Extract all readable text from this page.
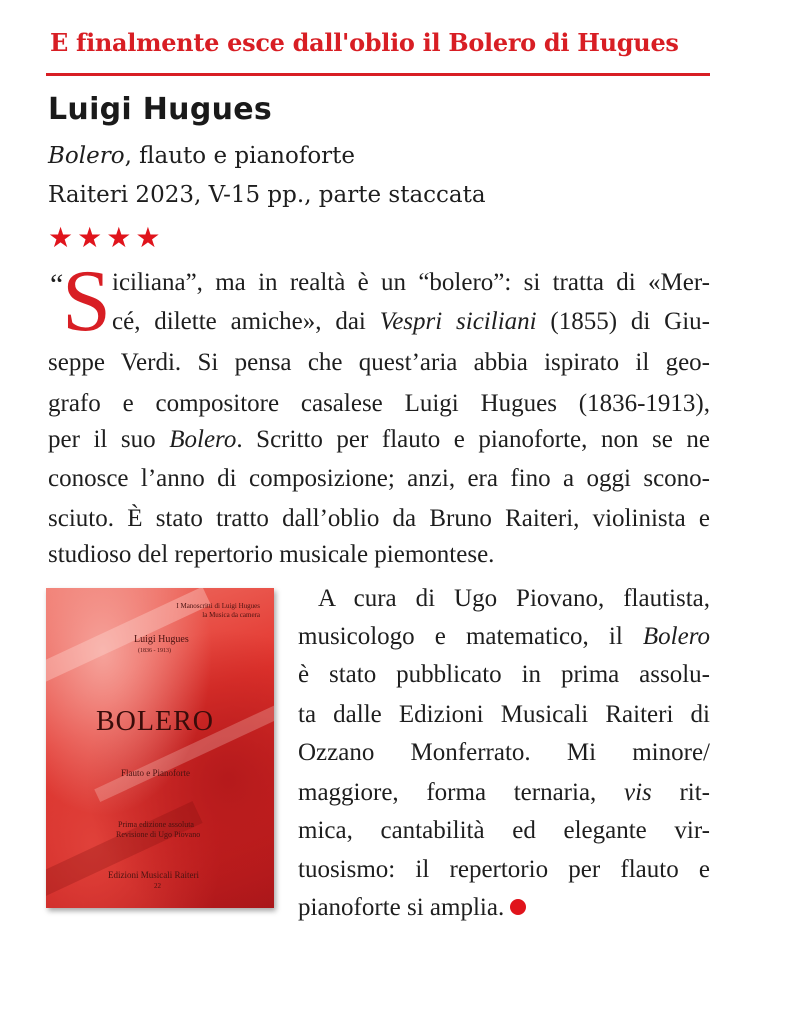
E finalmente esce dall'oblio il Bolero di Hugues
Luigi Hugues
Bolero, flauto e pianoforte
Raiteri 2023, V-15 pp., parte staccata
★ ★ ★ ★
“
S iciliana”, ma in realtà è un “bolero”: si tratta di «Mer-
cé, dilette amiche», dai Vespri siciliani (1855) di Giu-
seppe Verdi. Si pensa che quest’aria abbia ispirato il geo-
grafo e compositore casalese Luigi Hugues (1836-1913),
per il suo Bolero. Scritto per flauto e pianoforte, non se ne
conosce l’anno di composizione; anzi, era fino a oggi scono-
sciuto. È stato tratto dall’oblio da Bruno Raiteri, violinista e
studioso del repertorio musicale piemontese.
I Manoscritti di Luigi Hugues
la Musica da camera
Luigi Hugues
(1836 - 1913)
BOLERO
Flauto e Pianoforte
Prima edizione assoluta
Revisione di Ugo Piovano
Edizioni Musicali Raiteri
22
A cura di Ugo Piovano, flautista,
musicologo e matematico, il Bolero
è stato pubblicato in prima assolu-
ta dalle Edizioni Musicali Raiteri di
Ozzano Monferrato. Mi minore/
maggiore, forma ternaria, vis rit-
mica, cantabilità ed elegante vir-
tuosismo: il repertorio per flauto e
pianoforte si amplia.
